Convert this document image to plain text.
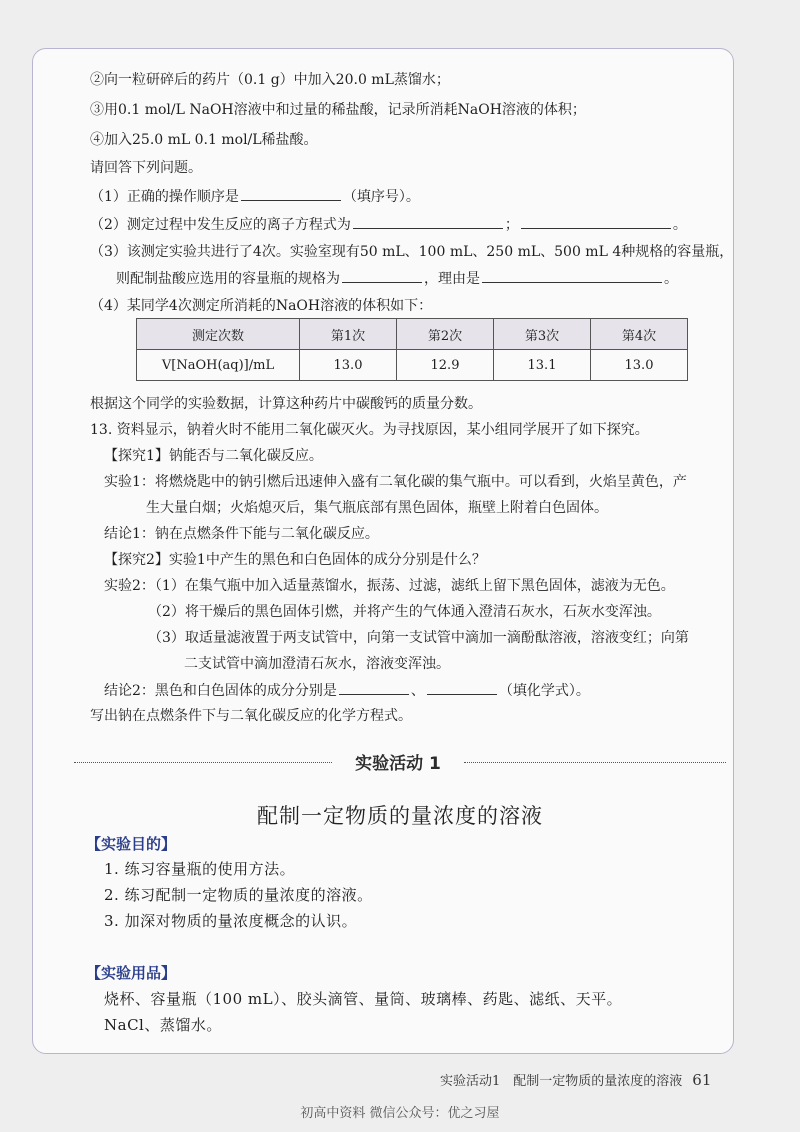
②向一粒研碎后的药片（0.1 g）中加入20.0 mL蒸馏水；
③用0.1 mol/L NaOH溶液中和过量的稀盐酸，记录所消耗NaOH溶液的体积；
④加入25.0 mL 0.1 mol/L稀盐酸。
请回答下列问题。
（1）正确的操作顺序是	（填序号）。
（2）测定过程中发生反应的离子方程式为	；	。
（3）该测定实验共进行了4次。实验室现有50 mL、100 mL、250 mL、500 mL 4种规格的容量瓶，
则配制盐酸应选用的容量瓶的规格为	，理由是	。
（4）某同学4次测定所消耗的NaOH溶液的体积如下：
测定次数	第1次	第2次	第3次	第4次
V[NaOH(aq)]/mL	13.0	12.9	13.1	13.0
根据这个同学的实验数据，计算这种药片中碳酸钙的质量分数。
13. 资料显示，钠着火时不能用二氧化碳灭火。为寻找原因，某小组同学展开了如下探究。
【探究1】钠能否与二氧化碳反应。
实验1：将燃烧匙中的钠引燃后迅速伸入盛有二氧化碳的集气瓶中。可以看到，火焰呈黄色，产
生大量白烟；火焰熄灭后，集气瓶底部有黑色固体，瓶壁上附着白色固体。
结论1：钠在点燃条件下能与二氧化碳反应。
【探究2】实验1中产生的黑色和白色固体的成分分别是什么？
实验2：（1）在集气瓶中加入适量蒸馏水，振荡、过滤，滤纸上留下黑色固体，滤液为无色。
（2）将干燥后的黑色固体引燃，并将产生的气体通入澄清石灰水，石灰水变浑浊。
（3）取适量滤液置于两支试管中，向第一支试管中滴加一滴酚酞溶液，溶液变红；向第
二支试管中滴加澄清石灰水，溶液变浑浊。
结论2：黑色和白色固体的成分分别是	、	（填化学式）。
写出钠在点燃条件下与二氧化碳反应的化学方程式。
实验活动 1
配制一定物质的量浓度的溶液
【实验目的】
1. 练习容量瓶的使用方法。
2. 练习配制一定物质的量浓度的溶液。
3. 加深对物质的量浓度概念的认识。
【实验用品】
烧杯、容量瓶（100 mL）、胶头滴管、量筒、玻璃棒、药匙、滤纸、天平。
NaCl、蒸馏水。
实验活动1　配制一定物质的量浓度的溶液 61
初高中资料 微信公众号：优之习屋
